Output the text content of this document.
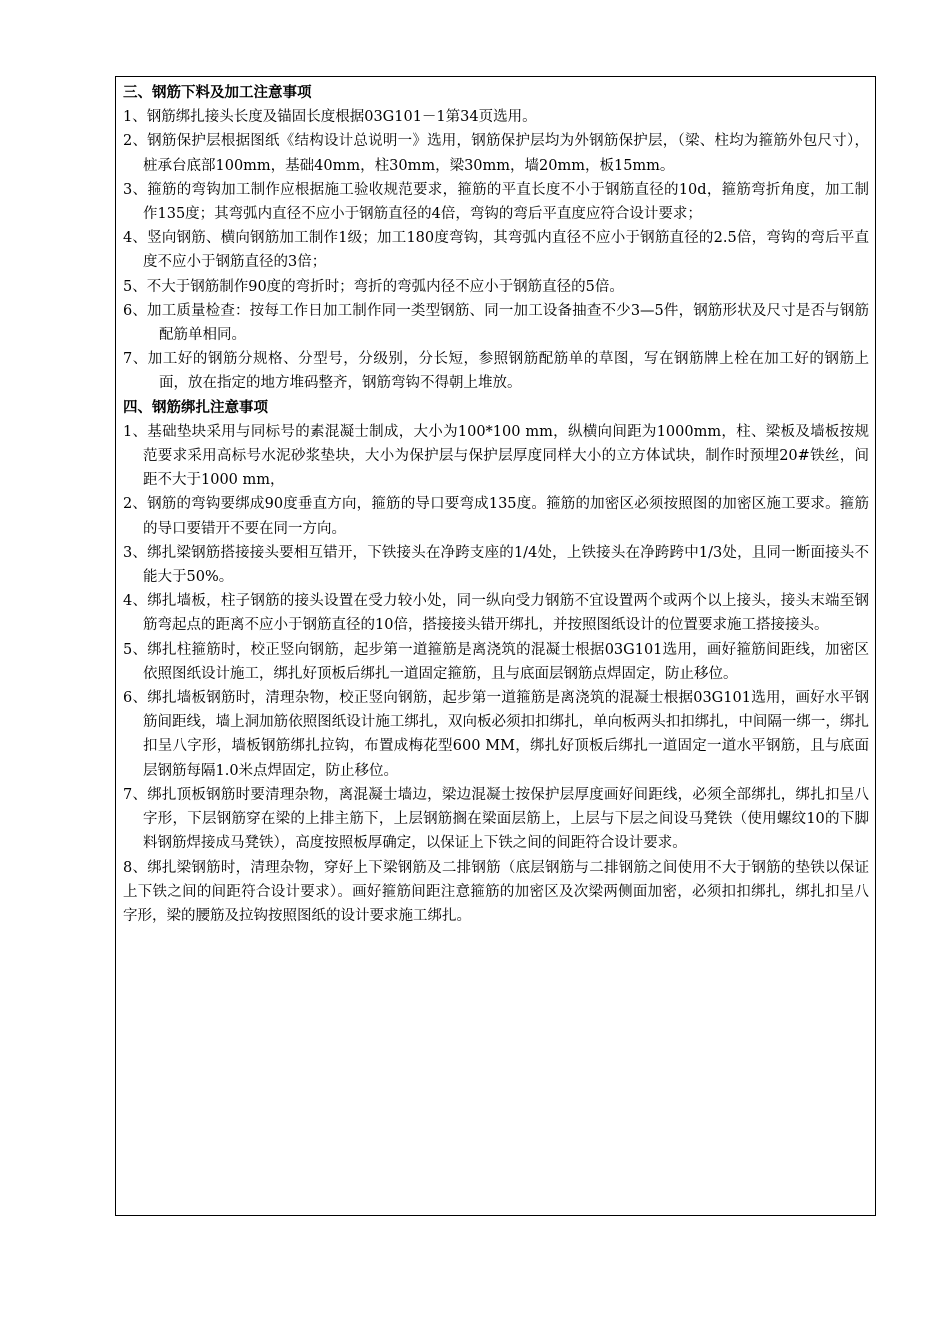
三、钢筋下料及加工注意事项
1、钢筋绑扎接头长度及锚固长度根据03G101－1第34页选用。
2、钢筋保护层根据图纸《结构设计总说明一》选用，钢筋保护层均为外钢筋保护层，（梁、柱均为箍筋外包尺寸），桩承台底部100mm，基础40mm，柱30mm，梁30mm，墙20mm，板15mm。
3、箍筋的弯钩加工制作应根据施工验收规范要求，箍筋的平直长度不小于钢筋直径的10d，箍筋弯折角度，加工制作135度；其弯弧内直径不应小于钢筋直径的4倍，弯钩的弯后平直度应符合设计要求；
4、竖向钢筋、横向钢筋加工制作1级；加工180度弯钩，其弯弧内直径不应小于钢筋直径的2.5倍，弯钩的弯后平直度不应小于钢筋直径的3倍；
5、不大于钢筋制作90度的弯折时；弯折的弯弧内径不应小于钢筋直径的5倍。
6、加工质量检查：按每工作日加工制作同一类型钢筋、同一加工设备抽查不少3—5件，钢筋形状及尺寸是否与钢筋配筋单相同。
7、加工好的钢筋分规格、分型号，分级别，分长短，参照钢筋配筋单的草图，写在钢筋牌上栓在加工好的钢筋上面，放在指定的地方堆码整齐，钢筋弯钩不得朝上堆放。
四、钢筋绑扎注意事项
1、基础垫块采用与同标号的素混凝士制成，大小为100*100 mm，纵横向间距为1000mm，柱、梁板及墙板按规范要求采用高标号水泥砂浆垫块，大小为保护层与保护层厚度同样大小的立方体试块，制作时预埋20#铁丝，间距不大于1000 mm，
2、钢筋的弯钩要绑成90度垂直方向，箍筋的导口要弯成135度。箍筋的加密区必须按照图的加密区施工要求。箍筋的导口要错开不要在同一方向。
3、绑扎梁钢筋搭接接头要相互错开，下铁接头在净跨支座的1/4处，上铁接头在净跨跨中1/3处，且同一断面接头不能大于50%。
4、绑扎墙板，柱子钢筋的接头设置在受力较小处，同一纵向受力钢筋不宜设置两个或两个以上接头，接头末端至钢筋弯起点的距离不应小于钢筋直径的10倍，搭接接头错开绑扎，并按照图纸设计的位置要求施工搭接接头。
5、绑扎柱箍筋时，校正竖向钢筋，起步第一道箍筋是离浇筑的混凝士根据03G101选用，画好箍筋间距线，加密区依照图纸设计施工，绑扎好顶板后绑扎一道固定箍筋，且与底面层钢筋点焊固定，防止移位。
6、绑扎墙板钢筋时，清理杂物，校正竖向钢筋，起步第一道箍筋是离浇筑的混凝士根据03G101选用，画好水平钢筋间距线，墙上洞加筋依照图纸设计施工绑扎，双向板必须扣扣绑扎，单向板两头扣扣绑扎，中间隔一绑一，绑扎扣呈八字形，墙板钢筋绑扎拉钩，布置成梅花型600 MM，绑扎好顶板后绑扎一道固定一道水平钢筋，且与底面层钢筋每隔1.0米点焊固定，防止移位。
7、绑扎顶板钢筋时要清理杂物，离混凝士墙边，梁边混凝士按保护层厚度画好间距线，必须全部绑扎，绑扎扣呈八字形，下层钢筋穿在梁的上排主筋下，上层钢筋搁在梁面层筋上，上层与下层之间设马凳铁（使用螺纹10的下脚料钢筋焊接成马凳铁），高度按照板厚确定，以保证上下铁之间的间距符合设计要求。
8、绑扎梁钢筋时，清理杂物，穿好上下梁钢筋及二排钢筋（底层钢筋与二排钢筋之间使用不大于钢筋的垫铁以保证上下铁之间的间距符合设计要求）。画好箍筋间距注意箍筋的加密区及次梁两侧面加密，必须扣扣绑扎，绑扎扣呈八字形，梁的腰筋及拉钩按照图纸的设计要求施工绑扎。
